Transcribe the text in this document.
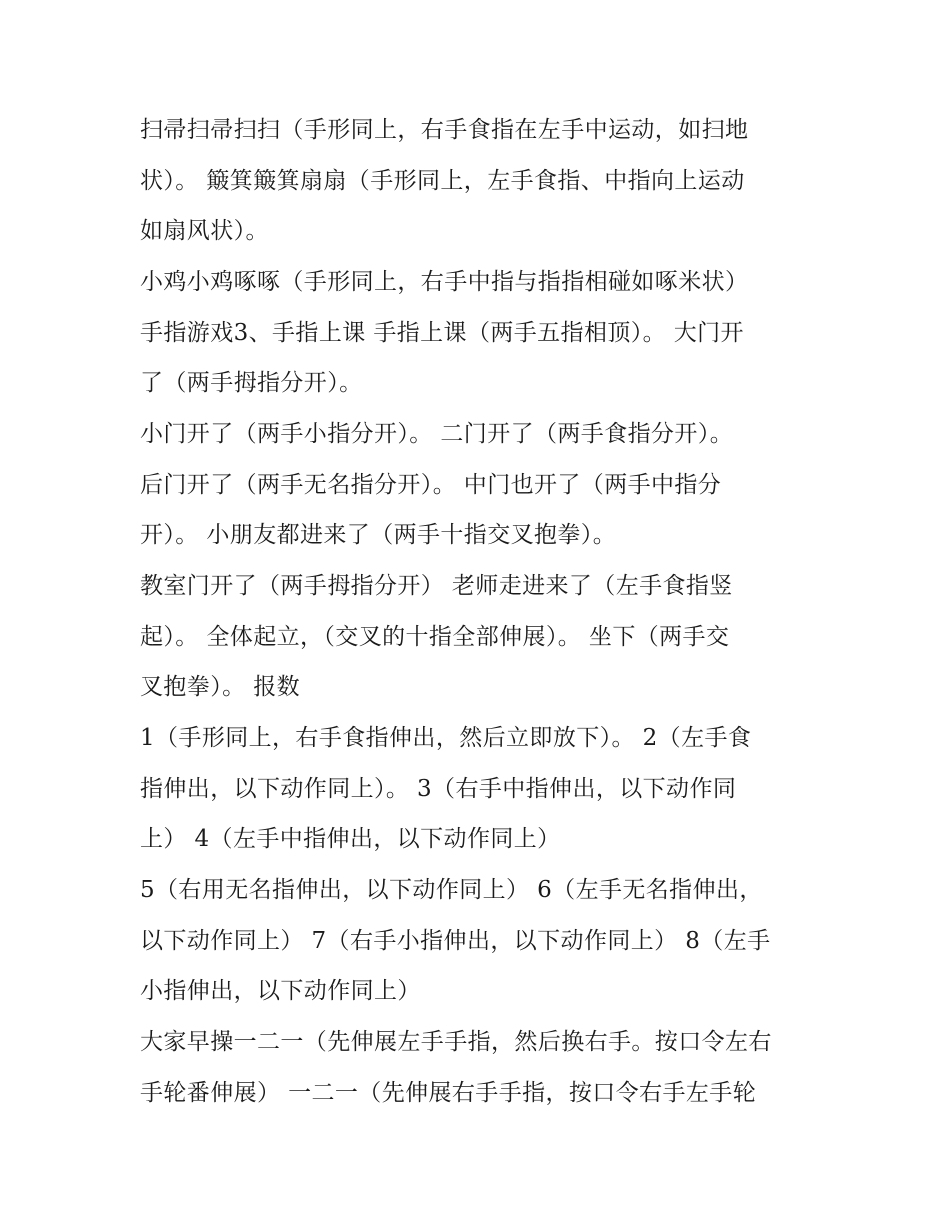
扫帚扫帚扫扫（手形同上，右手食指在左手中运动，如扫地
状）。 簸箕簸箕扇扇（手形同上，左手食指、中指向上运动
如扇风状）。
小鸡小鸡啄啄（手形同上，右手中指与指指相碰如啄米状）
手指游戏3、手指上课 手指上课（两手五指相顶）。 大门开
了（两手拇指分开）。
小门开了（两手小指分开）。 二门开了（两手食指分开）。
后门开了（两手无名指分开）。 中门也开了（两手中指分
开）。 小朋友都进来了（两手十指交叉抱拳）。
教室门开了（两手拇指分开） 老师走进来了（左手食指竖
起）。 全体起立，（交叉的十指全部伸展）。 坐下（两手交
叉抱拳）。 报数
1（手形同上，右手食指伸出，然后立即放下）。 2（左手食
指伸出，以下动作同上）。 3（右手中指伸出，以下动作同
上） 4（左手中指伸出，以下动作同上）
5（右用无名指伸出，以下动作同上） 6（左手无名指伸出，
以下动作同上） 7（右手小指伸出，以下动作同上） 8（左手
小指伸出，以下动作同上）
大家早操一二一（先伸展左手手指，然后换右手。按口令左右
手轮番伸展） 一二一（先伸展右手手指，按口令右手左手轮
